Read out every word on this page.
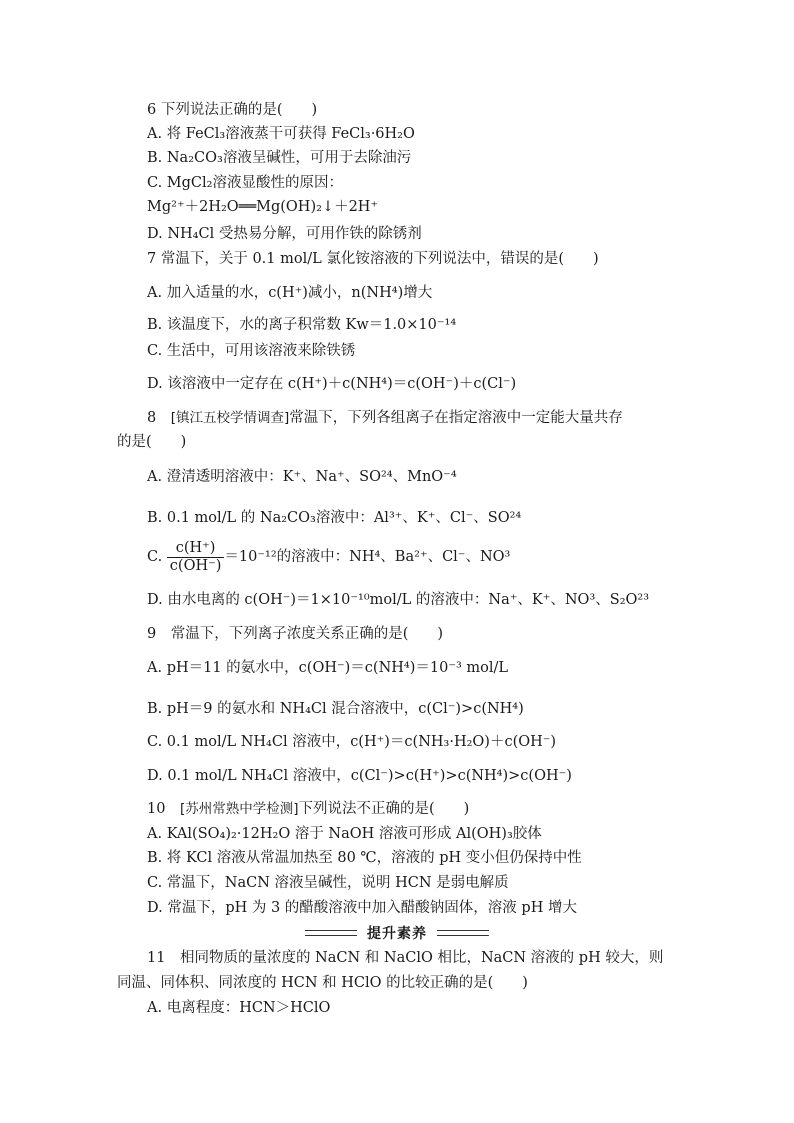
6 下列说法正确的是(　　)
A. 将 FeCl₃溶液蒸干可获得 FeCl₃·6H₂O
B. Na₂CO₃溶液呈碱性，可用于去除油污
C. MgCl₂溶液显酸性的原因：
Mg²⁺＋2H₂O══Mg(OH)₂↓＋2H⁺
D. NH₄Cl 受热易分解，可用作铁的除锈剂
7 常温下，关于 0.1 mol/L 氯化铵溶液的下列说法中，错误的是(　　)
A. 加入适量的水，c(H⁺)减小，n(NH⁴)增大
B. 该温度下，水的离子积常数 Kw＝1.0×10⁻¹⁴
C. 生活中，可用该溶液来除铁锈
D. 该溶液中一定存在 c(H⁺)＋c(NH⁴)＝c(OH⁻)＋c(Cl⁻)
8　[镇江五校学情调查]常温下，下列各组离子在指定溶液中一定能大量共存
的是(　　)
A. 澄清透明溶液中：K⁺、Na⁺、SO²⁴、MnO⁻⁴
B. 0.1 mol/L 的 Na₂CO₃溶液中：Al³⁺、K⁺、Cl⁻、SO²⁴
C. $\frac{c(H^+)}{c(OH^-)} =10^{-12}$的溶液中：NH⁴、Ba²⁺、Cl⁻、NO³
D. 由水电离的 c(OH⁻)＝1×10⁻¹⁰mol/L 的溶液中：Na⁺、K⁺、NO³、S₂O²³
9　常温下，下列离子浓度关系正确的是(　　)
A. pH＝11 的氨水中，c(OH⁻)＝c(NH⁴)＝10⁻³ mol/L
B. pH＝9 的氨水和 NH₄Cl 混合溶液中，c(Cl⁻)>c(NH⁴)
C. 0.1 mol/L NH₄Cl 溶液中，c(H⁺)＝c(NH₃·H₂O)＋c(OH⁻)
D. 0.1 mol/L NH₄Cl 溶液中，c(Cl⁻)>c(H⁺)>c(NH⁴)>c(OH⁻)
10　[苏州常熟中学检测]下列说法不正确的是(　　)
A. KAl(SO₄)₂·12H₂O 溶于 NaOH 溶液可形成 Al(OH)₃胶体
B. 将 KCl 溶液从常温加热至 80 ℃，溶液的 pH 变小但仍保持中性
C. 常温下，NaCN 溶液呈碱性，说明 HCN 是弱电解质
D. 常温下，pH 为 3 的醋酸溶液中加入醋酸钠固体，溶液 pH 增大
提升素养
11　相同物质的量浓度的 NaCN 和 NaClO 相比，NaCN 溶液的 pH 较大，则
同温、同体积、同浓度的 HCN 和 HClO 的比较正确的是(　　)
A. 电离程度：HCN＞HClO
